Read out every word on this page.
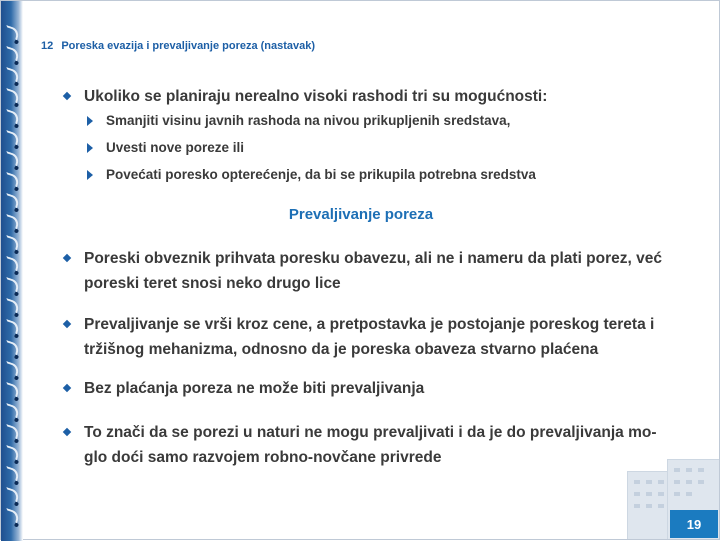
12 Poreska evazija i prevaljivanje poreza (nastavak)
Ukoliko se planiraju nerealno visoki rashodi tri su mogućnosti:
Smanjiti visinu javnih rashoda na nivou prikupljenih sredstava,
Uvesti nove poreze ili
Povećati poresko opterećenje, da bi se prikupila potrebna sredstva
Prevaljivanje poreza
Poreski obveznik prihvata poresku obavezu, ali ne i nameru da plati porez, već
poreski teret snosi neko drugo lice
Prevaljivanje se vrši kroz cene, a pretpostavka je postojanje poreskog tereta i
tržišnog mehanizma, odnosno da je poreska obaveza stvarno plaćena
Bez plaćanja poreza ne može biti prevaljivanja
To znači da se porezi u naturi ne mogu prevaljivati i da je do prevaljivanja mo-
glo doći samo razvojem robno-novčane privrede
19
